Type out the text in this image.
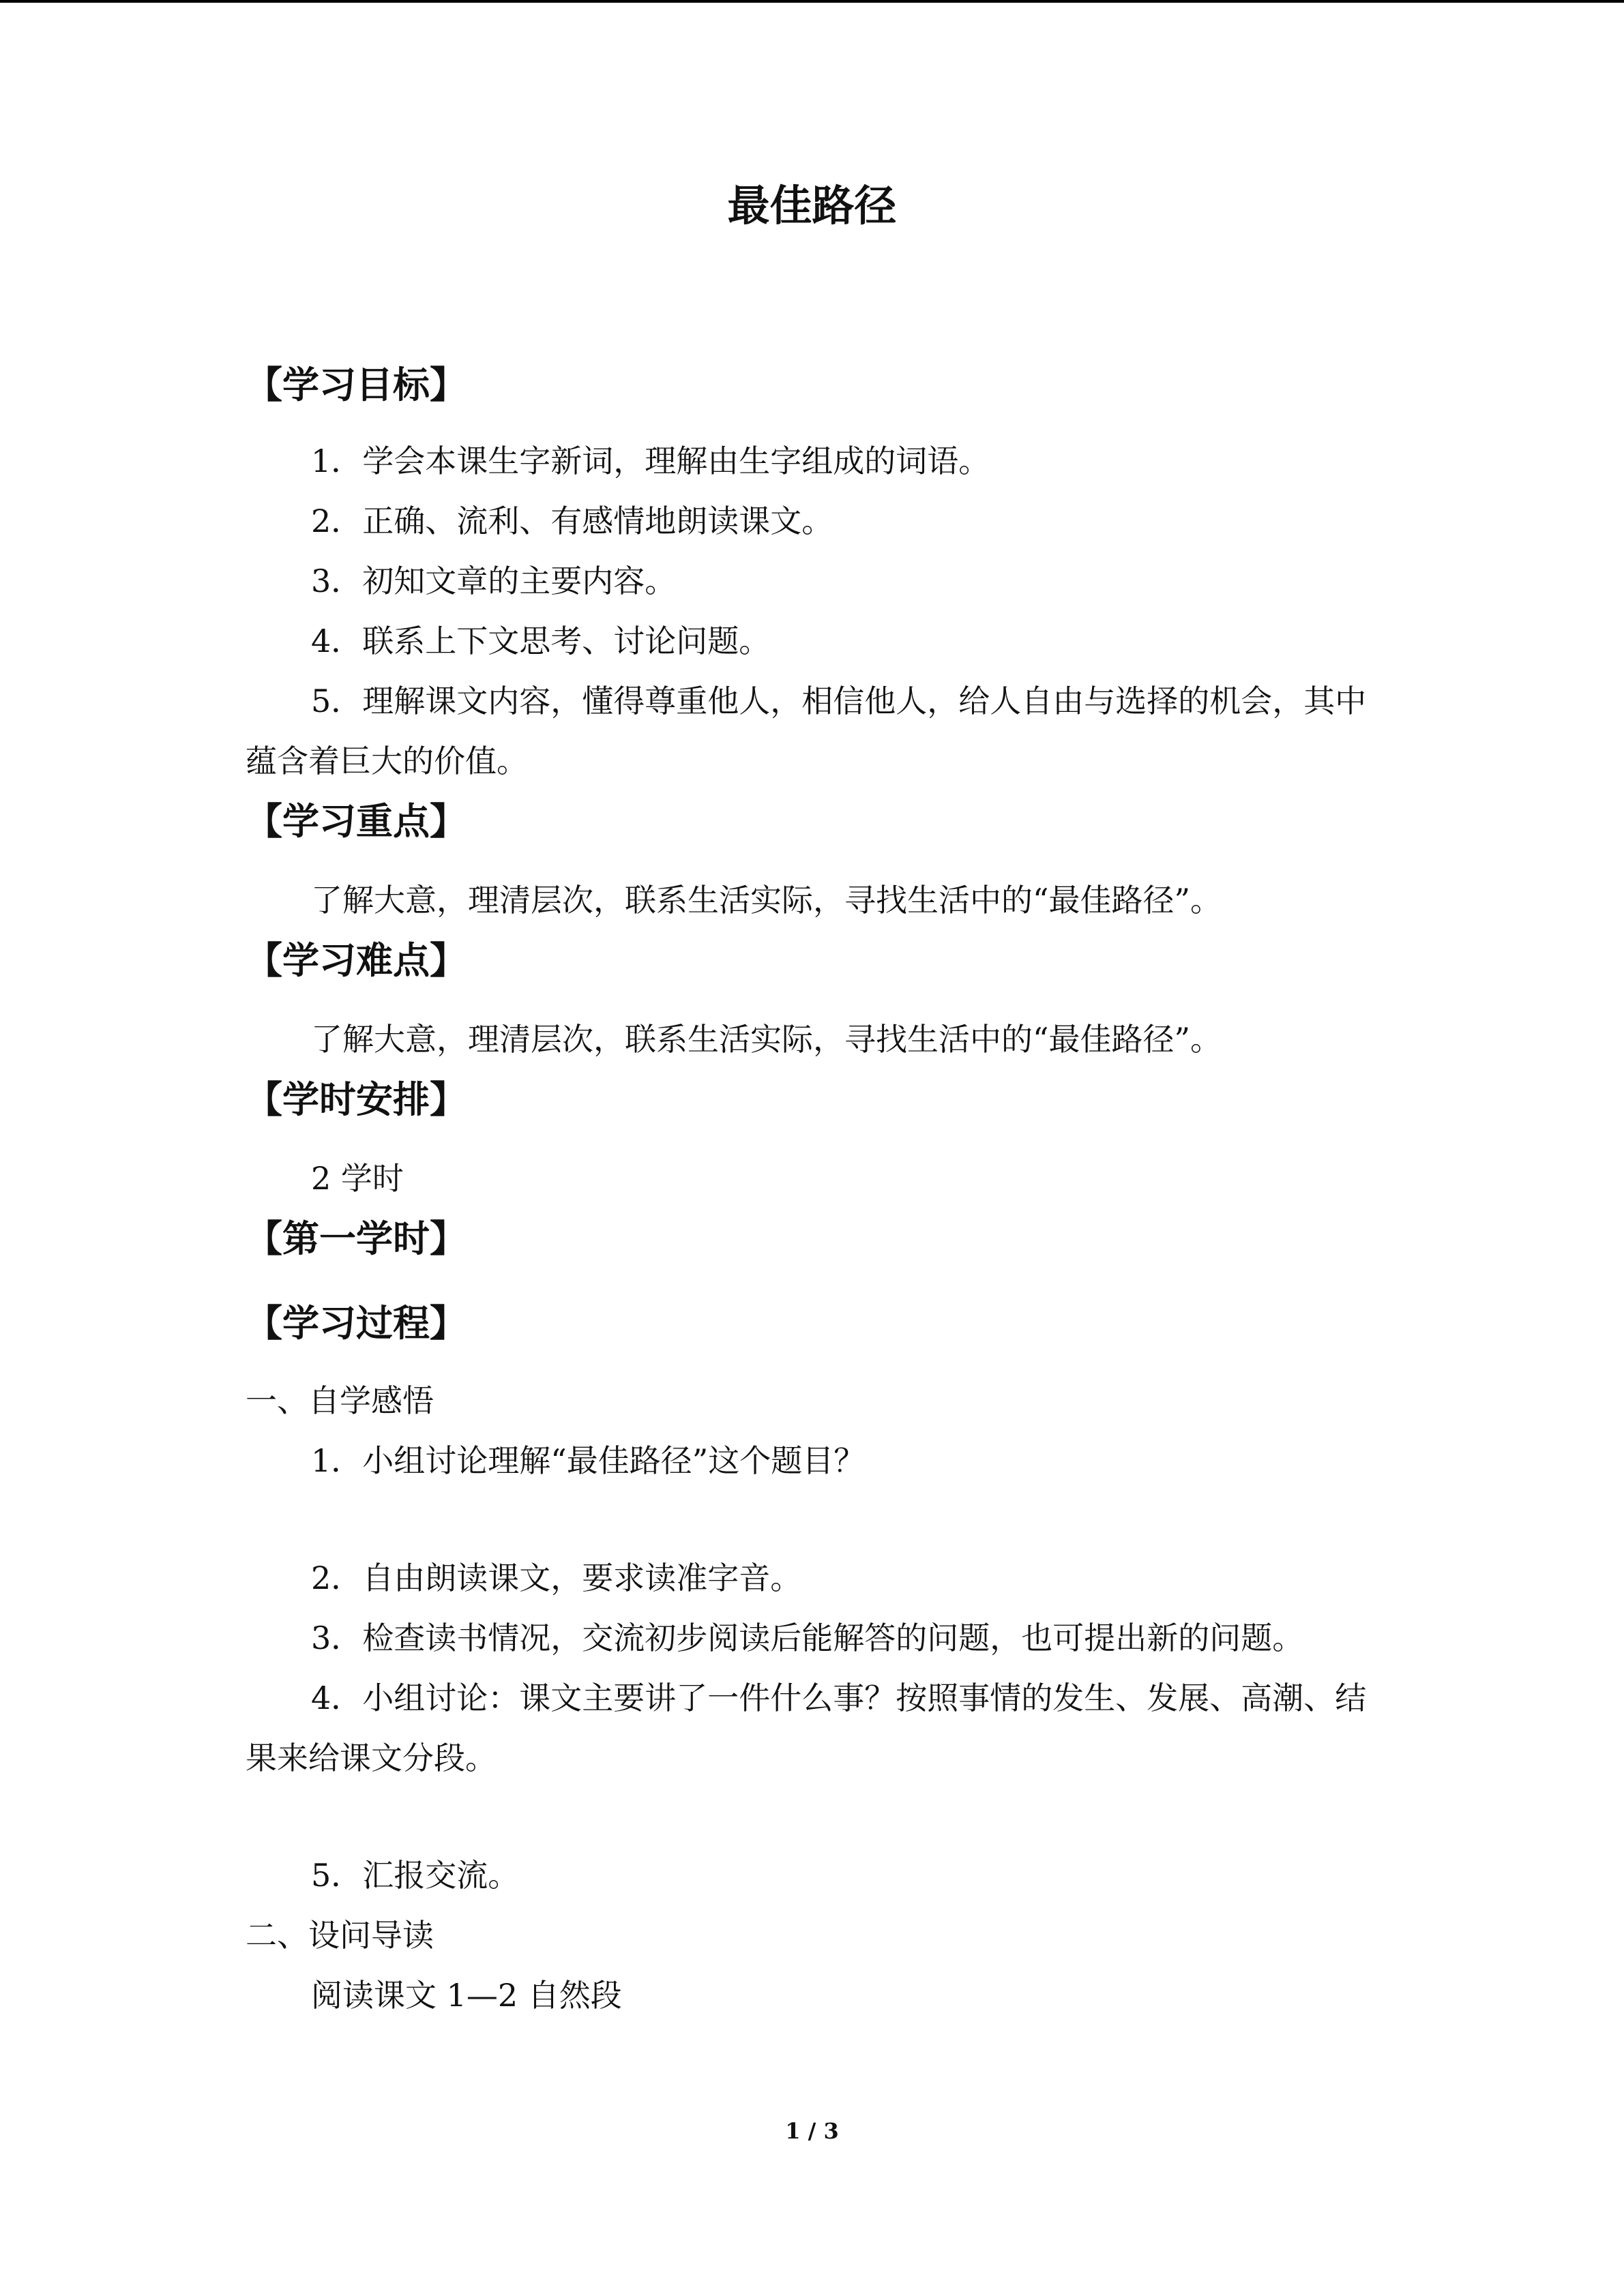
最佳路径

【学习目标】

1．学会本课生字新词，理解由生字组成的词语。

2．正确、流利、有感情地朗读课文。

3．初知文章的主要内容。

4．联系上下文思考、讨论问题。

5．理解课文内容，懂得尊重他人，相信他人，给人自由与选择的机会，其中蕴含着巨大的价值。

【学习重点】

了解大意，理清层次，联系生活实际，寻找生活中的“最佳路径”。

【学习难点】

了解大意，理清层次，联系生活实际，寻找生活中的“最佳路径”。

【学时安排】

2 学时

【第一学时】

【学习过程】

一、自学感悟

1．小组讨论理解“最佳路径”这个题目？

2．自由朗读课文，要求读准字音。

3．检查读书情况，交流初步阅读后能解答的问题，也可提出新的问题。

4．小组讨论：课文主要讲了一件什么事？按照事情的发生、发展、高潮、结果来给课文分段。

5．汇报交流。

二、设问导读

阅读课文 1—2 自然段

1 / 3
